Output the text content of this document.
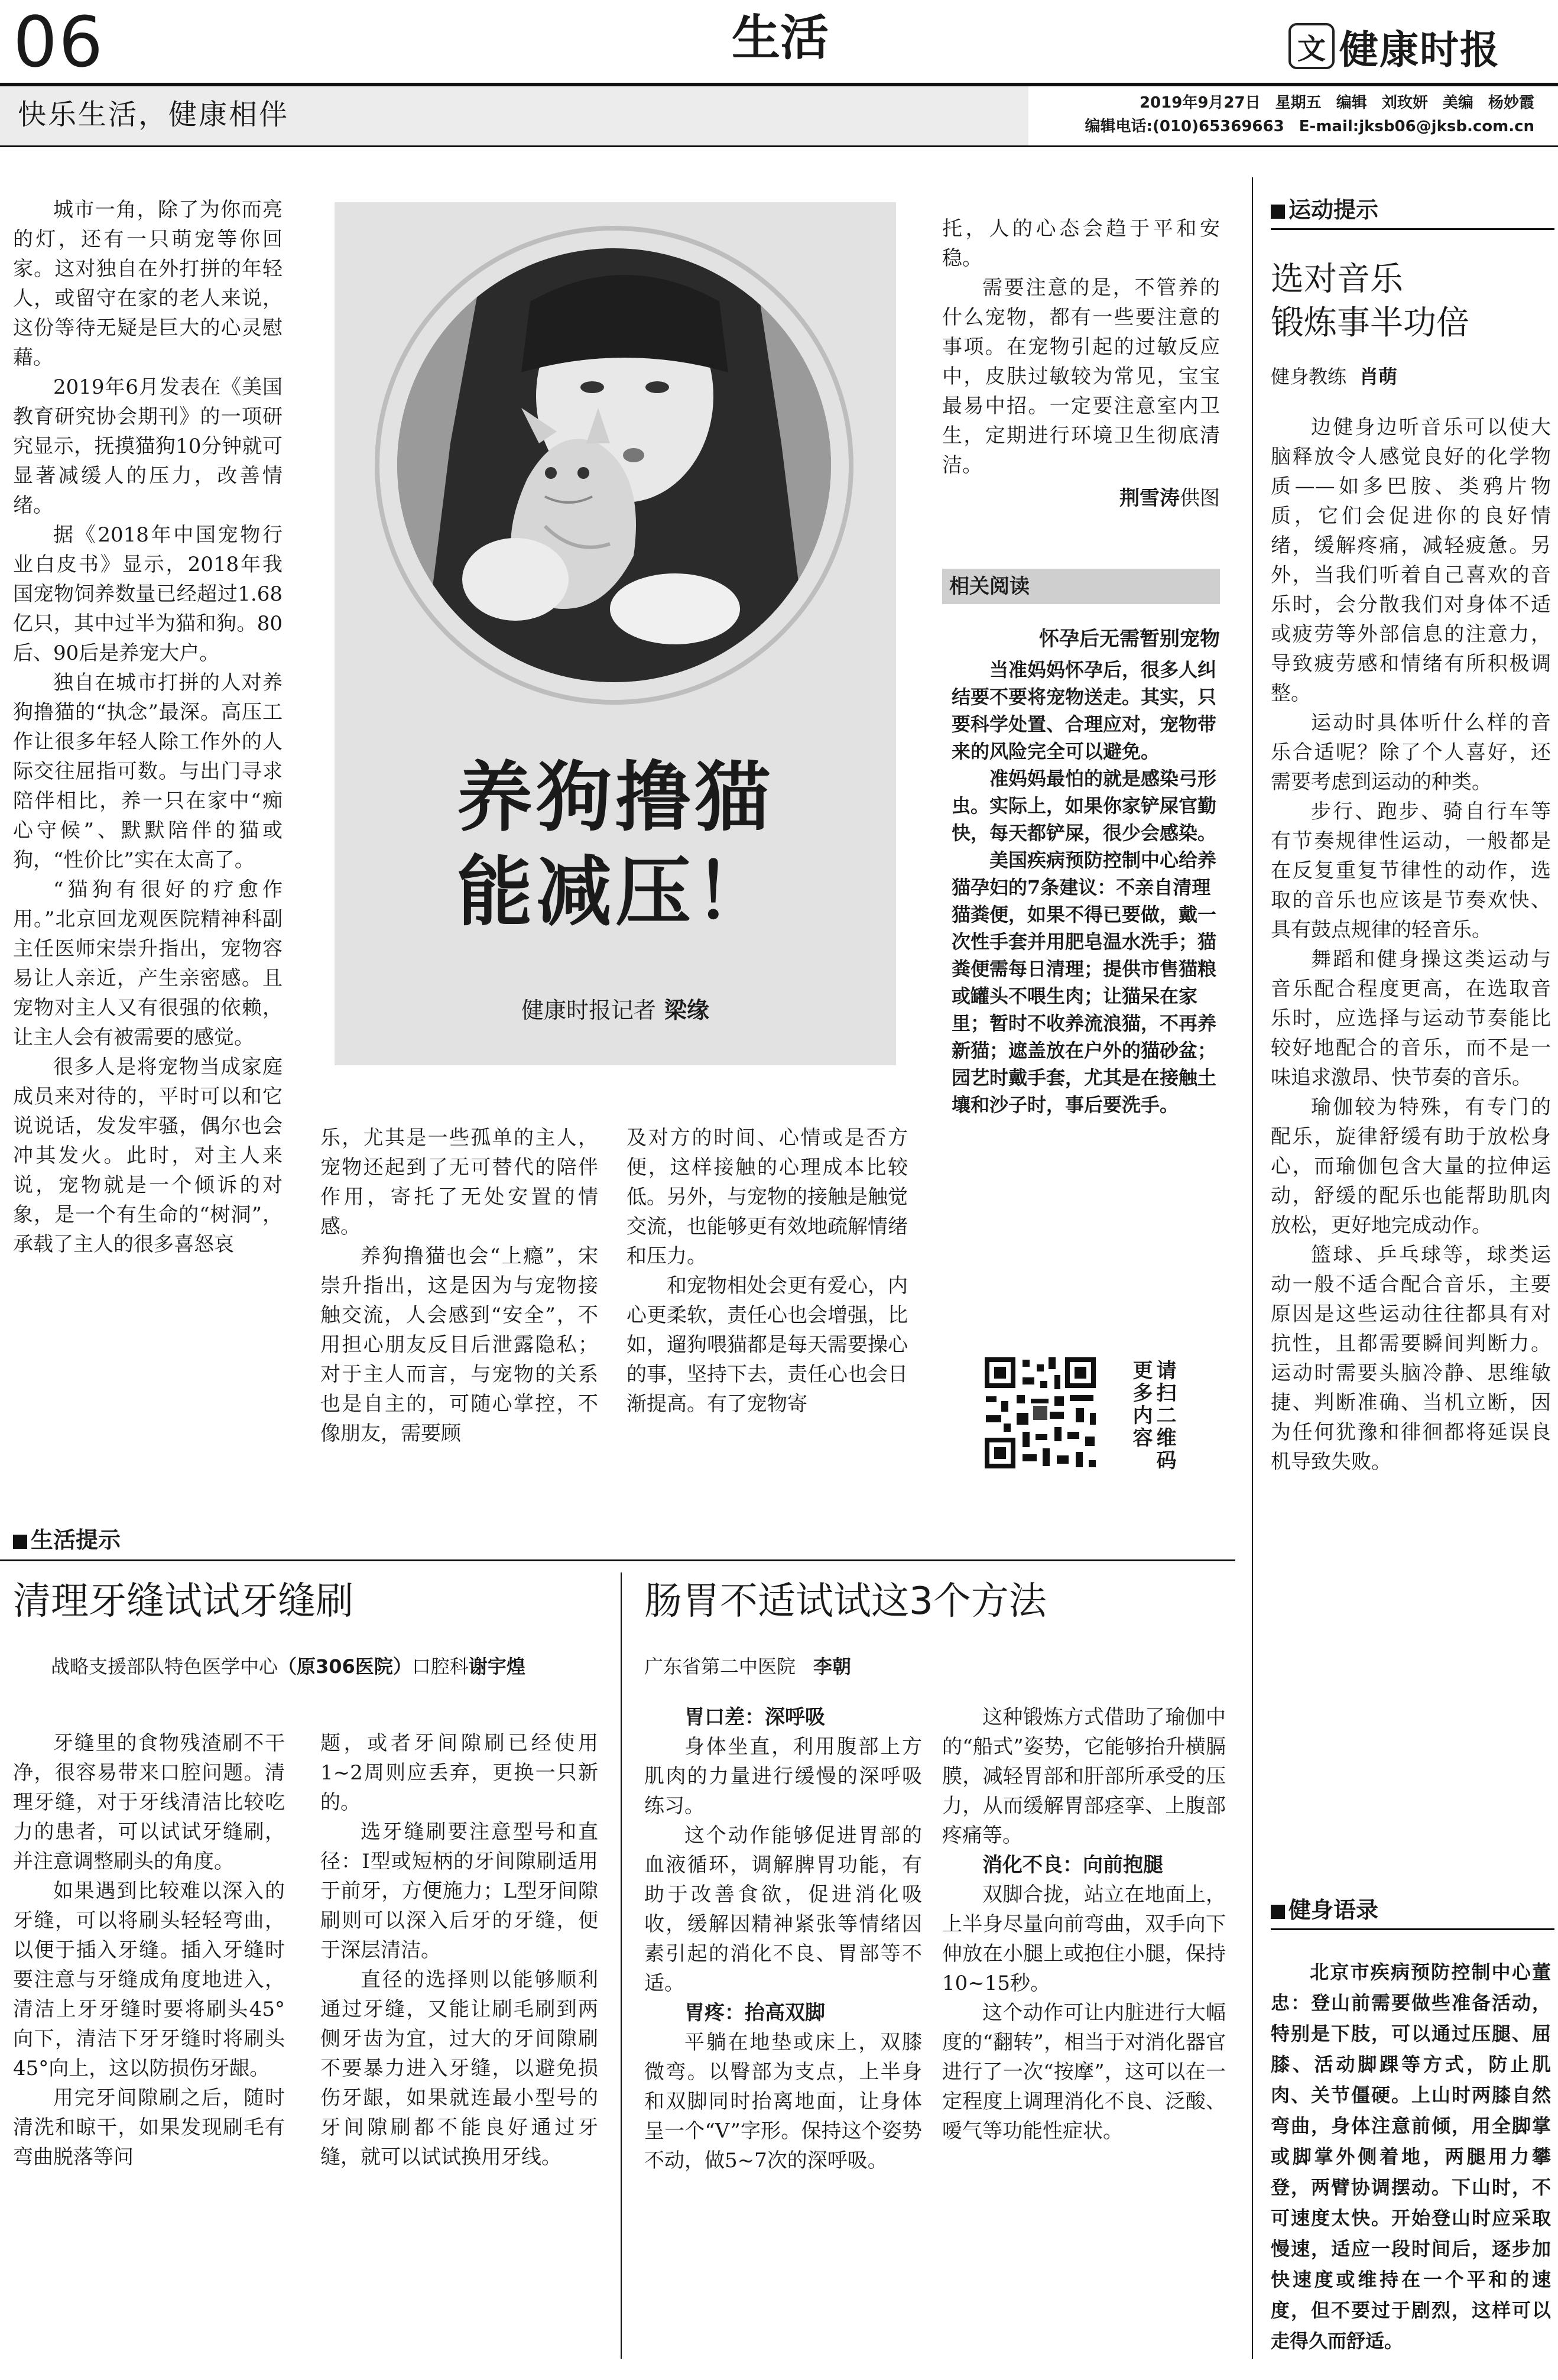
06	生活	文 健康时报
快乐生活，健康相伴	2019年9月27日 星期五 编辑 刘玫妍 美编 杨妙霞
编辑电话:(010)65369663 E-mail:jksb06@jksb.com.cn

城市一角，除了为你而亮的灯，还有一只萌宠等你回家。这对独自在外打拼的年轻人，或留守在家的老人来说，这份等待无疑是巨大的心灵慰藉。

2019年6月发表在《美国教育研究协会期刊》的一项研究显示，抚摸猫狗10分钟就可显著减缓人的压力，改善情绪。

据《2018年中国宠物行业白皮书》显示，2018年我国宠物饲养数量已经超过1.68亿只，其中过半为猫和狗。80后、90后是养宠大户。

独自在城市打拼的人对养狗撸猫的“执念”最深。高压工作让很多年轻人除工作外的人际交往屈指可数。与出门寻求陪伴相比，养一只在家中“痴心守候”、默默陪伴的猫或狗，“性价比”实在太高了。

“猫狗有很好的疗愈作用。”北京回龙观医院精神科副主任医师宋崇升指出，宠物容易让人亲近，产生亲密感。且宠物对主人又有很强的依赖，让主人会有被需要的感觉。

很多人是将宠物当成家庭成员来对待的，平时可以和它说说话，发发牢骚，偶尔也会冲其发火。此时，对主人来说，宠物就是一个倾诉的对象，是一个有生命的“树洞”，承载了主人的很多喜怒哀

养狗撸猫
能减压！
健康时报记者 梁缘

乐，尤其是一些孤单的主人，宠物还起到了无可替代的陪伴作用，寄托了无处安置的情感。

养狗撸猫也会“上瘾”，宋崇升指出，这是因为与宠物接触交流，人会感到“安全”，不用担心朋友反目后泄露隐私；对于主人而言，与宠物的关系也是自主的，可随心掌控，不像朋友，需要顾

及对方的时间、心情或是否方便，这样接触的心理成本比较低。另外，与宠物的接触是触觉交流，也能够更有效地疏解情绪和压力。

和宠物相处会更有爱心，内心更柔软，责任心也会增强，比如，遛狗喂猫都是每天需要操心的事，坚持下去，责任心也会日渐提高。有了宠物寄

托，人的心态会趋于平和安稳。

需要注意的是，不管养的什么宠物，都有一些要注意的事项。在宠物引起的过敏反应中，皮肤过敏较为常见，宝宝最易中招。一定要注意室内卫生，定期进行环境卫生彻底清洁。

荆雪涛供图

相关阅读
怀孕后无需暂别宠物

当准妈妈怀孕后，很多人纠结要不要将宠物送走。其实，只要科学处置、合理应对，宠物带来的风险完全可以避免。

准妈妈最怕的就是感染弓形虫。实际上，如果你家铲屎官勤快，每天都铲屎，很少会感染。

美国疾病预防控制中心给养猫孕妇的7条建议：不亲自清理猫粪便，如果不得已要做，戴一次性手套并用肥皂温水洗手；猫粪便需每日清理；提供市售猫粮或罐头不喂生肉；让猫呆在家里；暂时不收养流浪猫，不再养新猫；遮盖放在户外的猫砂盆；园艺时戴手套，尤其是在接触土壤和沙子时，事后要洗手。

请扫二维码更多内容
运动提示
选对音乐
锻炼事半功倍
健身教练 肖萌

边健身边听音乐可以使大脑释放令人感觉良好的化学物质——如多巴胺、类鸦片物质，它们会促进你的良好情绪，缓解疼痛，减轻疲惫。另外，当我们听着自己喜欢的音乐时，会分散我们对身体不适或疲劳等外部信息的注意力，导致疲劳感和情绪有所积极调整。

运动时具体听什么样的音乐合适呢？除了个人喜好，还需要考虑到运动的种类。

步行、跑步、骑自行车等有节奏规律性运动，一般都是在反复重复节律性的动作，选取的音乐也应该是节奏欢快、具有鼓点规律的轻音乐。

舞蹈和健身操这类运动与音乐配合程度更高，在选取音乐时，应选择与运动节奏能比较好地配合的音乐，而不是一味追求激昂、快节奏的音乐。

瑜伽较为特殊，有专门的配乐，旋律舒缓有助于放松身心，而瑜伽包含大量的拉伸运动，舒缓的配乐也能帮助肌肉放松，更好地完成动作。

篮球、乒乓球等，球类运动一般不适合配合音乐，主要原因是这些运动往往都具有对抗性，且都需要瞬间判断力。运动时需要头脑冷静、思维敏捷、判断准确、当机立断，因为任何犹豫和徘徊都将延误良机导致失败。

健身语录
北京市疾病预防控制中心董忠：登山前需要做些准备活动，特别是下肢，可以通过压腿、屈膝、活动脚踝等方式，防止肌肉、关节僵硬。上山时两膝自然弯曲，身体注意前倾，用全脚掌或脚掌外侧着地，两腿用力攀登，两臂协调摆动。下山时，不可速度太快。开始登山时应采取慢速，适应一段时间后，逐步加快速度或维持在一个平和的速度，但不要过于剧烈，这样可以走得久而舒适。
生活提示
清理牙缝试试牙缝刷
战略支援部队特色医学中心（原306医院）口腔科谢宇煌

牙缝里的食物残渣刷不干净，很容易带来口腔问题。清理牙缝，对于牙线清洁比较吃力的患者，可以试试牙缝刷，并注意调整刷头的角度。

如果遇到比较难以深入的牙缝，可以将刷头轻轻弯曲，以便于插入牙缝。插入牙缝时要注意与牙缝成角度地进入，清洁上牙牙缝时要将刷头45°向下，清洁下牙牙缝时将刷头45°向上，这以防损伤牙龈。

用完牙间隙刷之后，随时清洗和晾干，如果发现刷毛有弯曲脱落等问

题，或者牙间隙刷已经使用1~2周则应丢弃，更换一只新的。

选牙缝刷要注意型号和直径：I型或短柄的牙间隙刷适用于前牙，方便施力；L型牙间隙刷则可以深入后牙的牙缝，便于深层清洁。

直径的选择则以能够顺利通过牙缝，又能让刷毛刷到两侧牙齿为宜，过大的牙间隙刷不要暴力进入牙缝，以避免损伤牙龈，如果就连最小型号的牙间隙刷都不能良好通过牙缝，就可以试试换用牙线。

肠胃不适试试这3个方法
广东省第二中医院 李朝

胃口差：深呼吸

身体坐直，利用腹部上方肌肉的力量进行缓慢的深呼吸练习。

这个动作能够促进胃部的血液循环，调解脾胃功能，有助于改善食欲，促进消化吸收，缓解因精神紧张等情绪因素引起的消化不良、胃部等不适。

胃疼：抬高双脚

平躺在地垫或床上，双膝微弯。以臀部为支点，上半身和双脚同时抬离地面，让身体呈一个“V”字形。保持这个姿势不动，做5~7次的深呼吸。

这种锻炼方式借助了瑜伽中的“船式”姿势，它能够抬升横膈膜，减轻胃部和肝部所承受的压力，从而缓解胃部痉挛、上腹部疼痛等。

消化不良：向前抱腿

双脚合拢，站立在地面上，上半身尽量向前弯曲，双手向下伸放在小腿上或抱住小腿，保持10~15秒。

这个动作可让内脏进行大幅度的“翻转”，相当于对消化器官进行了一次“按摩”，这可以在一定程度上调理消化不良、泛酸、嗳气等功能性症状。
